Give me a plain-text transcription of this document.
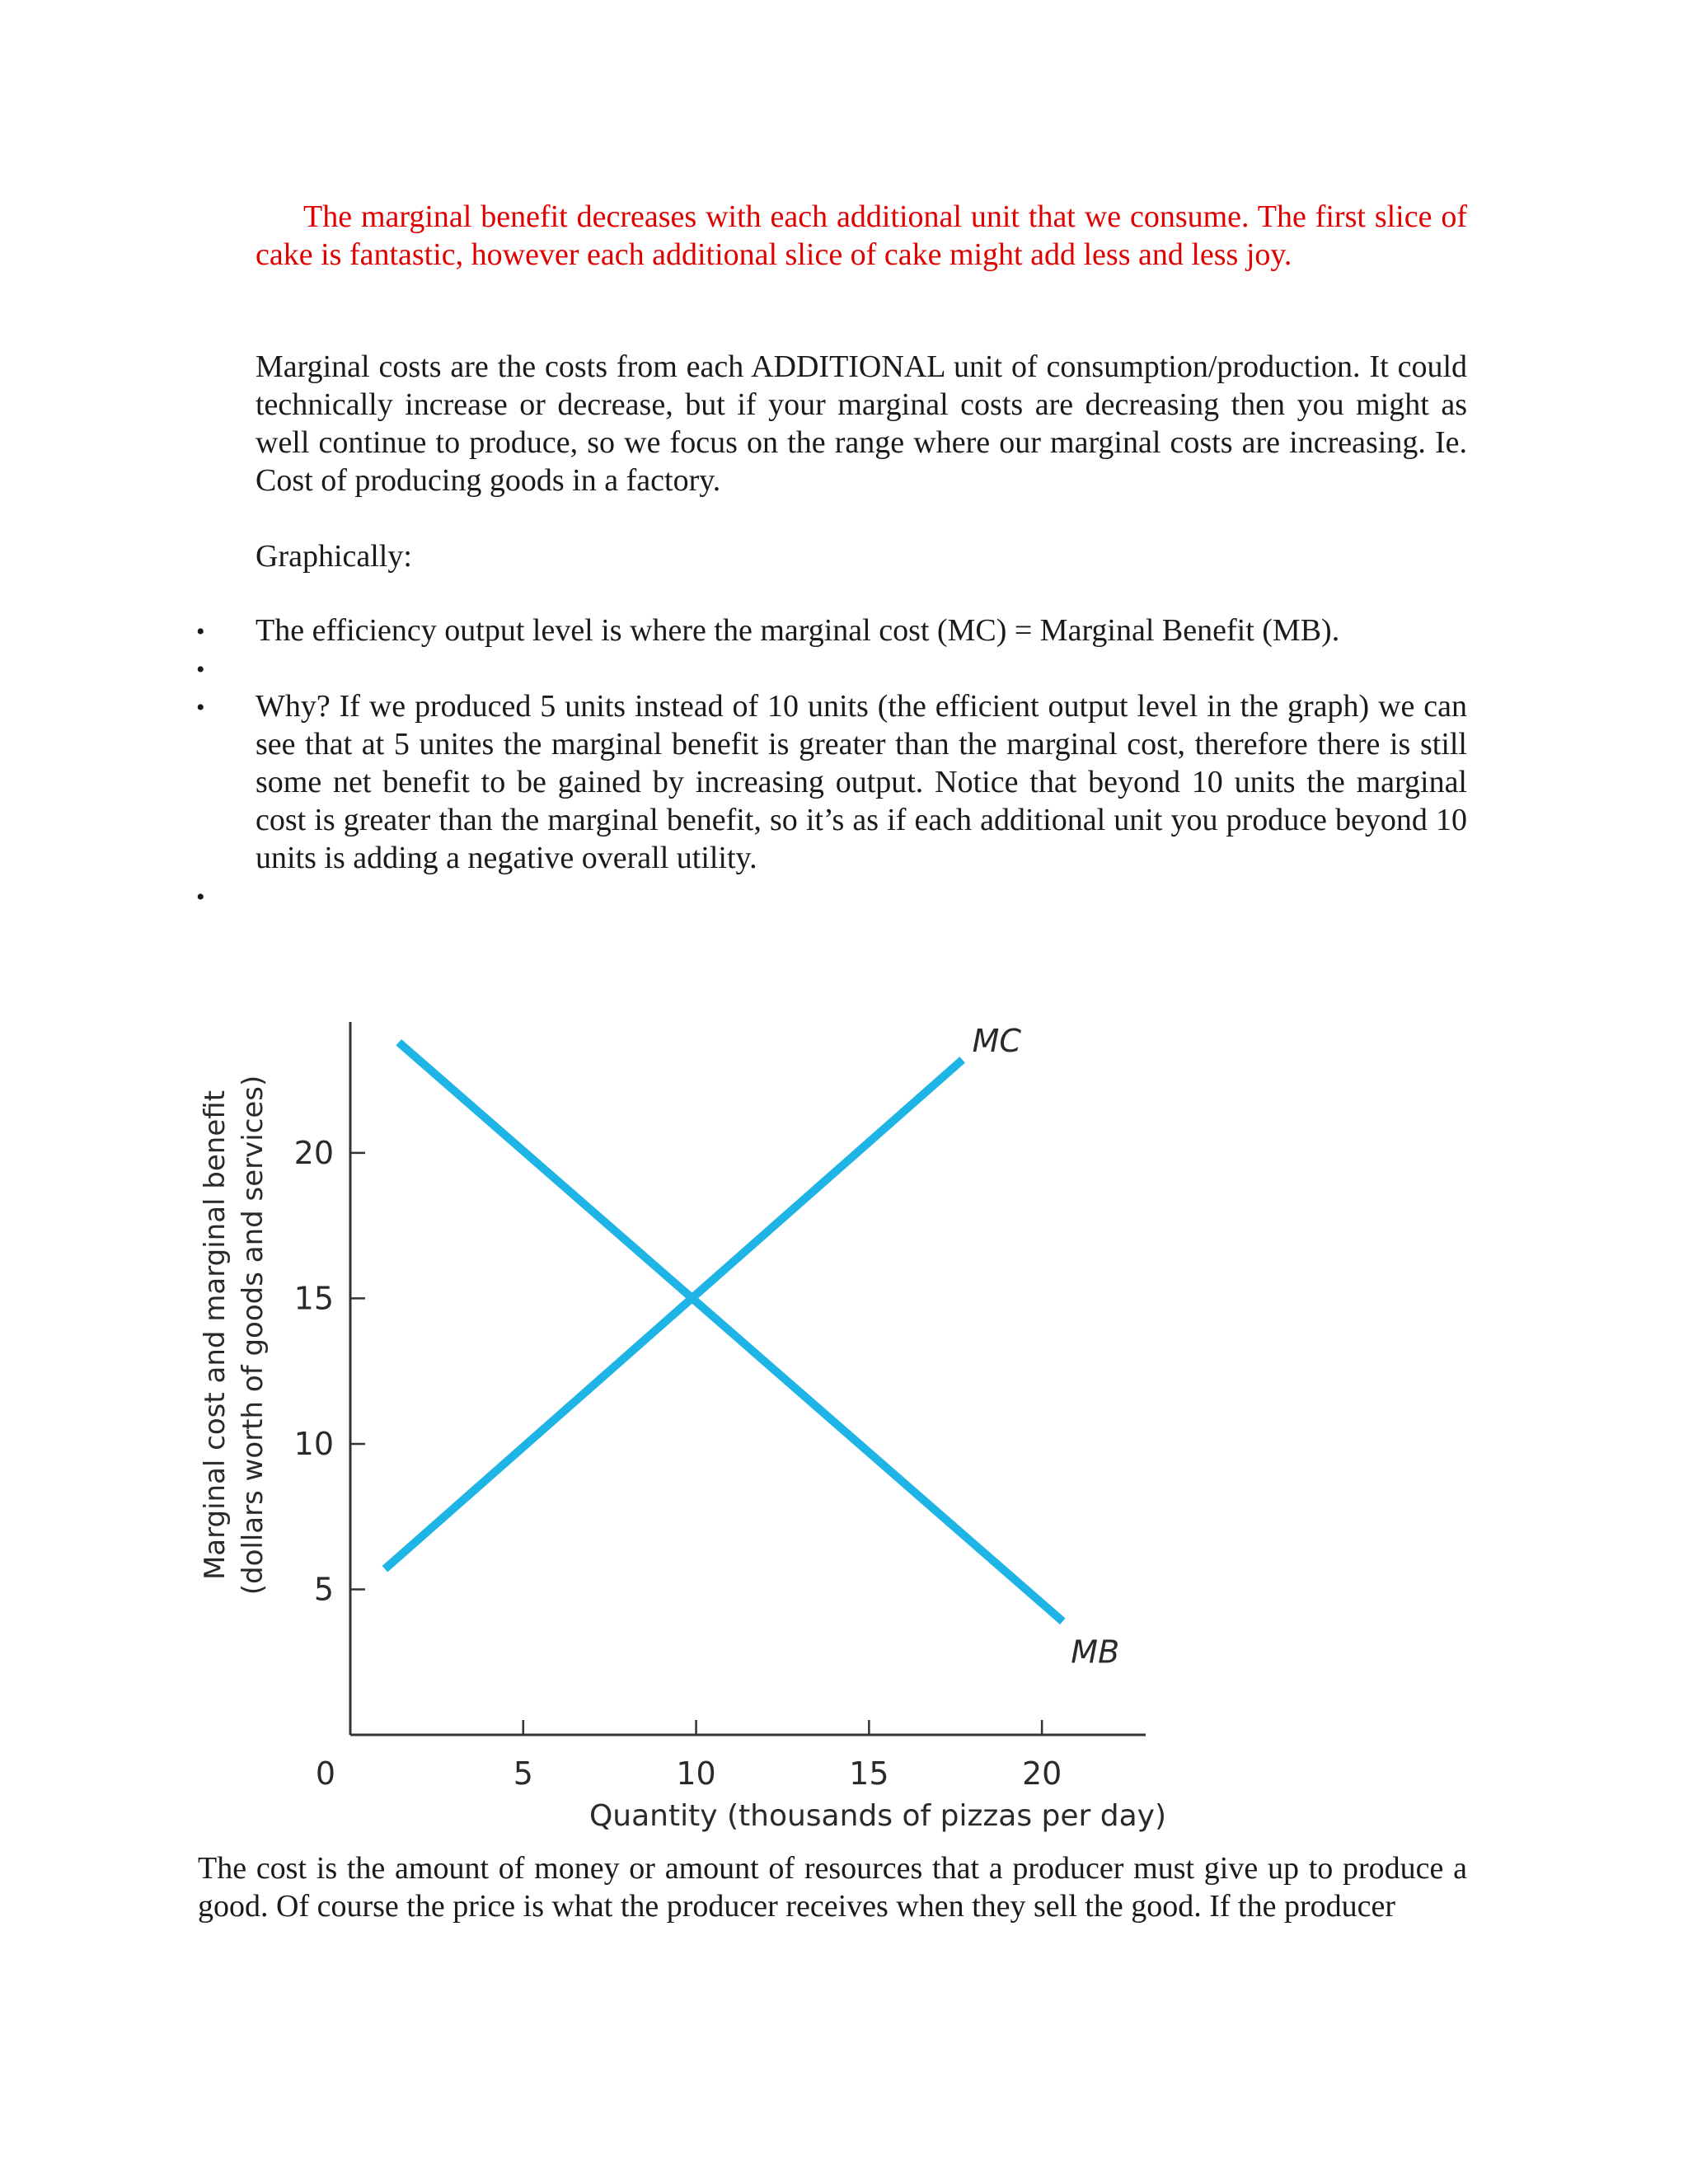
The marginal benefit decreases with each additional unit that we consume. The first slice of cake is fantastic, however each additional slice of cake might add less and less joy.

Marginal costs are the costs from each ADDITIONAL unit of consumption/production. It could technically increase or decrease, but if your marginal costs are decreasing then you might as well continue to produce, so we focus on the range where our marginal costs are increasing. Ie. Cost of producing goods in a factory.

Graphically:

• The efficiency output level is where the marginal cost (MC) = Marginal Benefit (MB).

•
• Why? If we produced 5 units instead of 10 units (the efficient output level in the graph) we can see that at 5 unites the marginal benefit is greater than the marginal cost, therefore there is still some net benefit to be gained by increasing output. Notice that beyond 10 units the marginal cost is greater than the marginal benefit, so it’s as if each additional unit you produce beyond 10 units is adding a negative overall utility.

•
5	10	15	20
5
10
15
20
MC
MB
Quantity (thousands of pizzas per day)
Marginal cost and marginal benefit (dollars worth of goods and services)
0

The cost is the amount of money or amount of resources that a producer must give up to produce a good. Of course the price is what the producer receives when they sell the good. If the producer
